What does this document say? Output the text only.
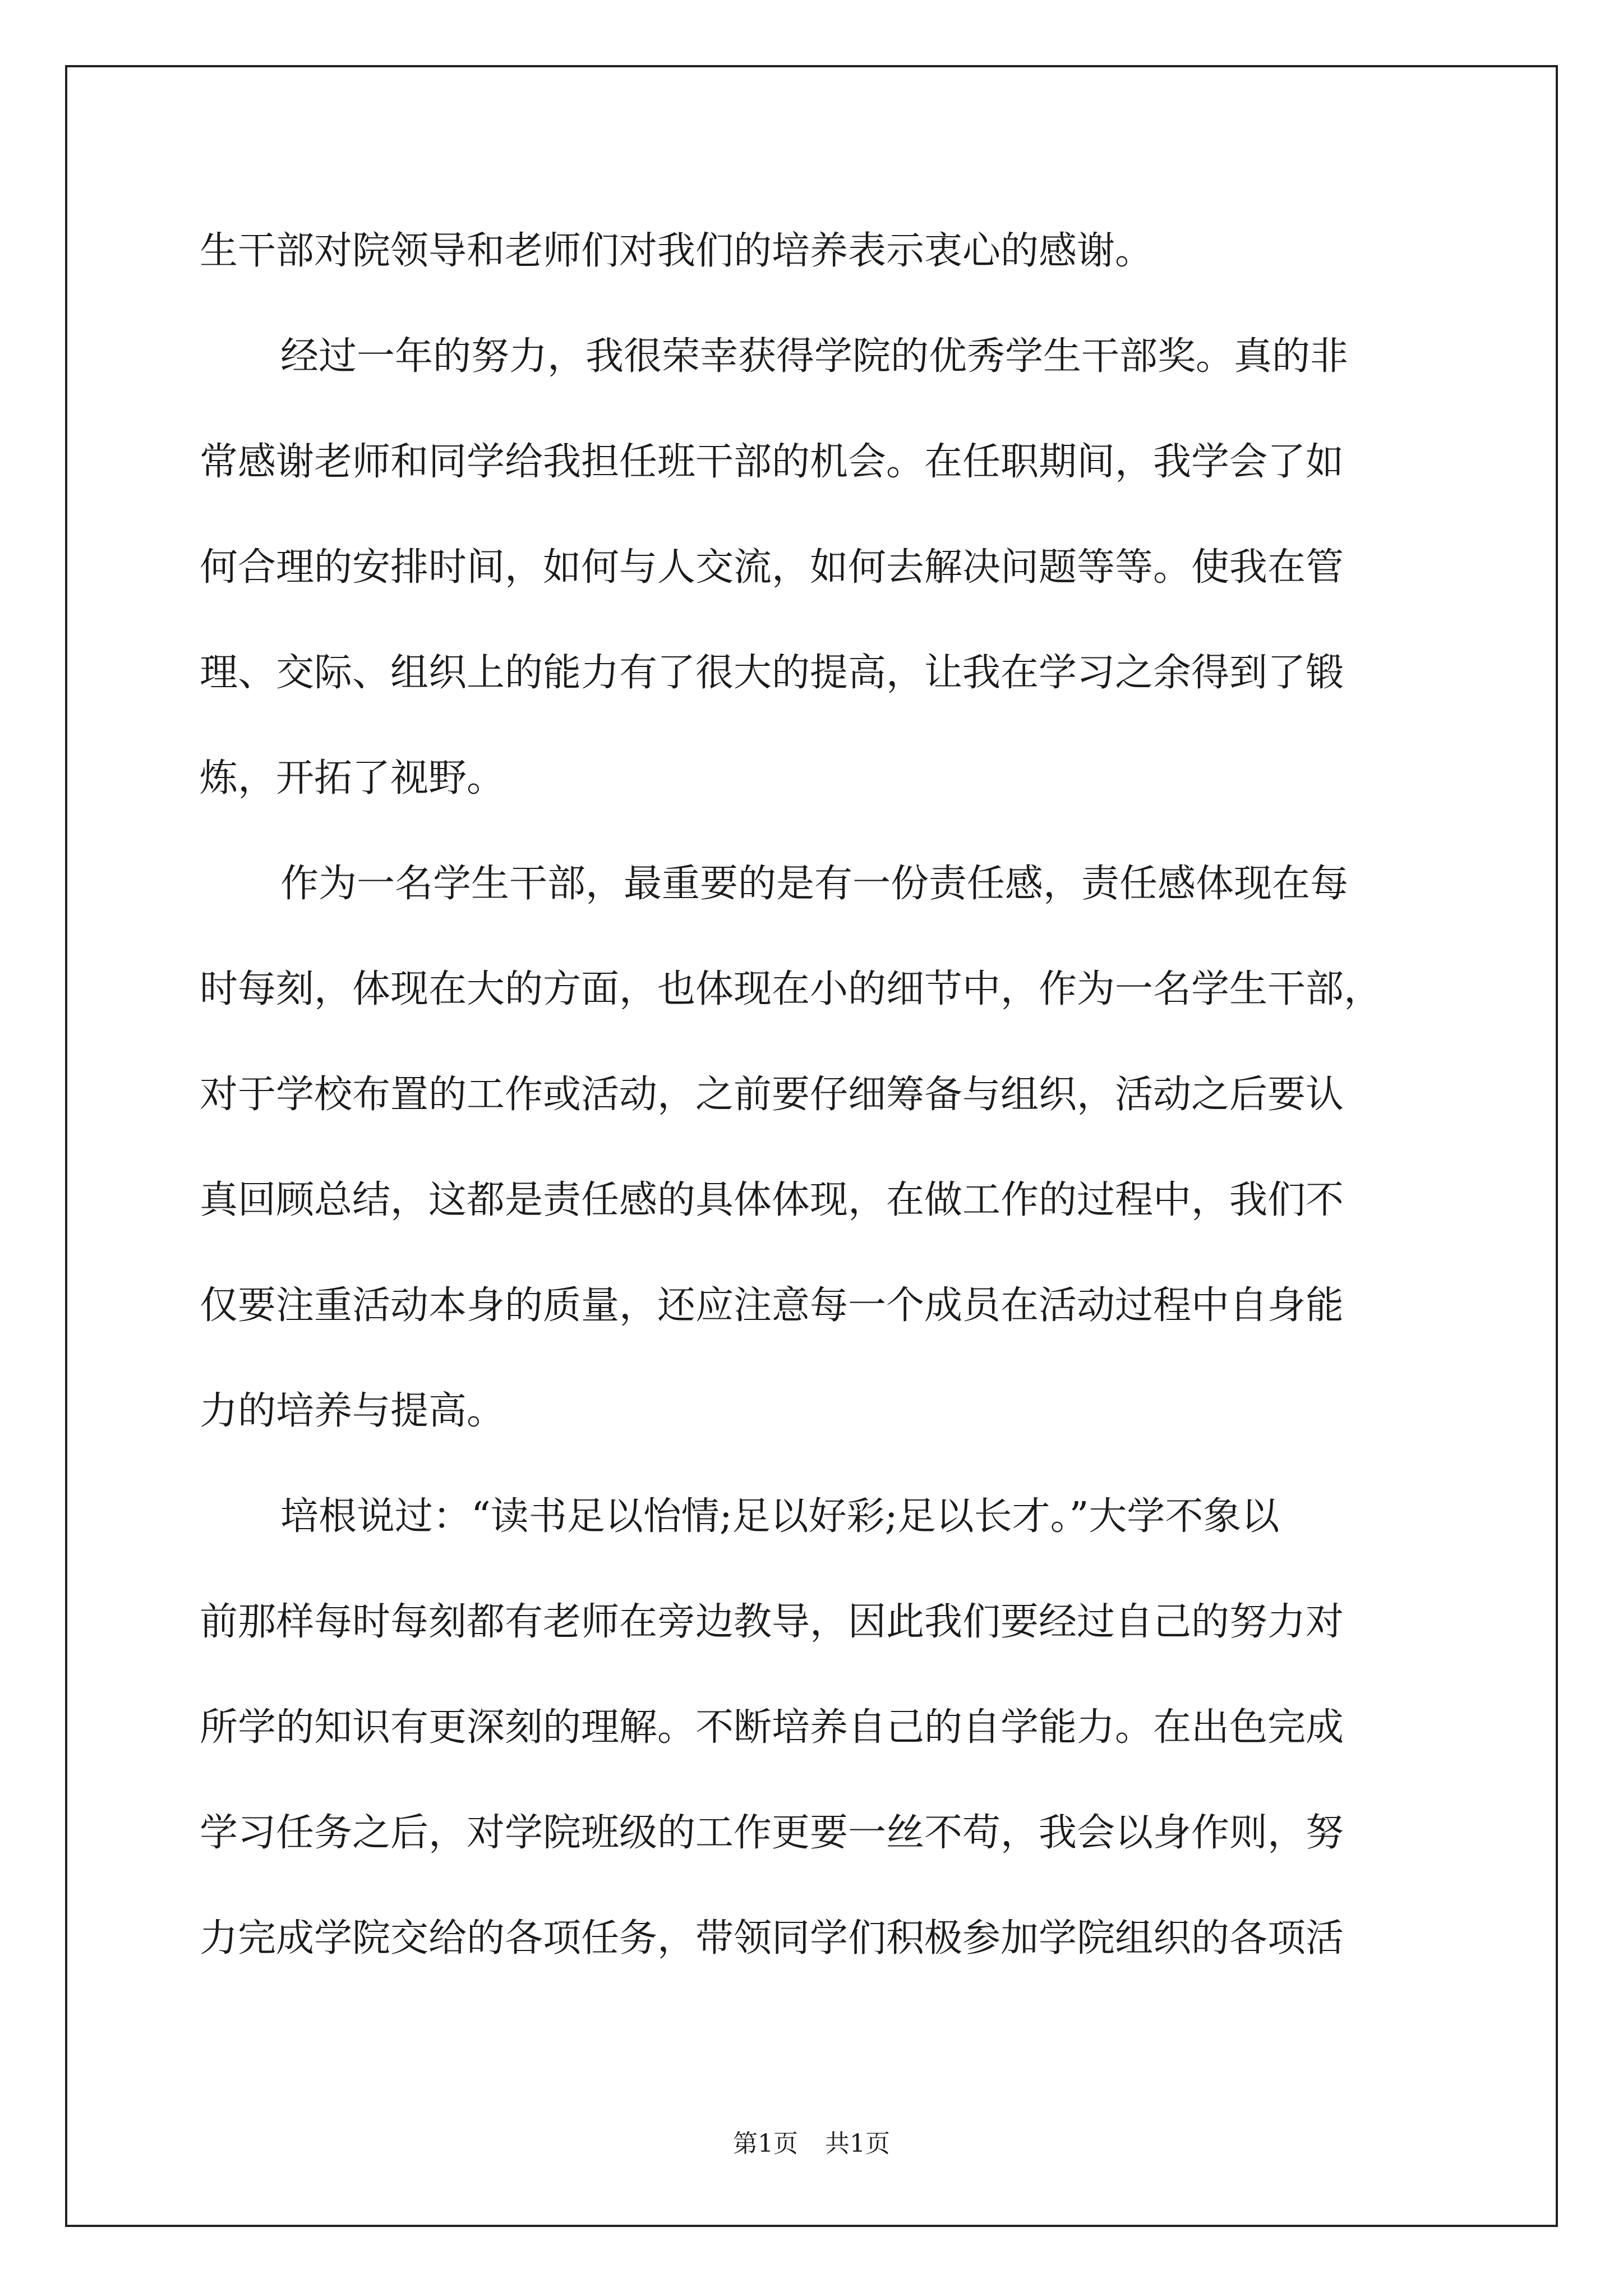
生干部对院领导和老师们对我们的培养表示衷心的感谢。
经过一年的努力，我很荣幸获得学院的优秀学生干部奖。真的非
常感谢老师和同学给我担任班干部的机会。在任职期间，我学会了如
何合理的安排时间，如何与人交流，如何去解决问题等等。使我在管
理、交际、组织上的能力有了很大的提高，让我在学习之余得到了锻
炼，开拓了视野。
作为一名学生干部，最重要的是有一份责任感，责任感体现在每
时每刻，体现在大的方面，也体现在小的细节中，作为一名学生干部，
对于学校布置的工作或活动，之前要仔细筹备与组织，活动之后要认
真回顾总结，这都是责任感的具体体现，在做工作的过程中，我们不
仅要注重活动本身的质量，还应注意每一个成员在活动过程中自身能
力的培养与提高。
培根说过：“读书足以怡情;足以好彩;足以长才。”大学不象以
前那样每时每刻都有老师在旁边教导，因此我们要经过自己的努力对
所学的知识有更深刻的理解。不断培养自己的自学能力。在出色完成
学习任务之后，对学院班级的工作更要一丝不苟，我会以身作则，努
力完成学院交给的各项任务，带领同学们积极参加学院组织的各项活
第1页 共1页
